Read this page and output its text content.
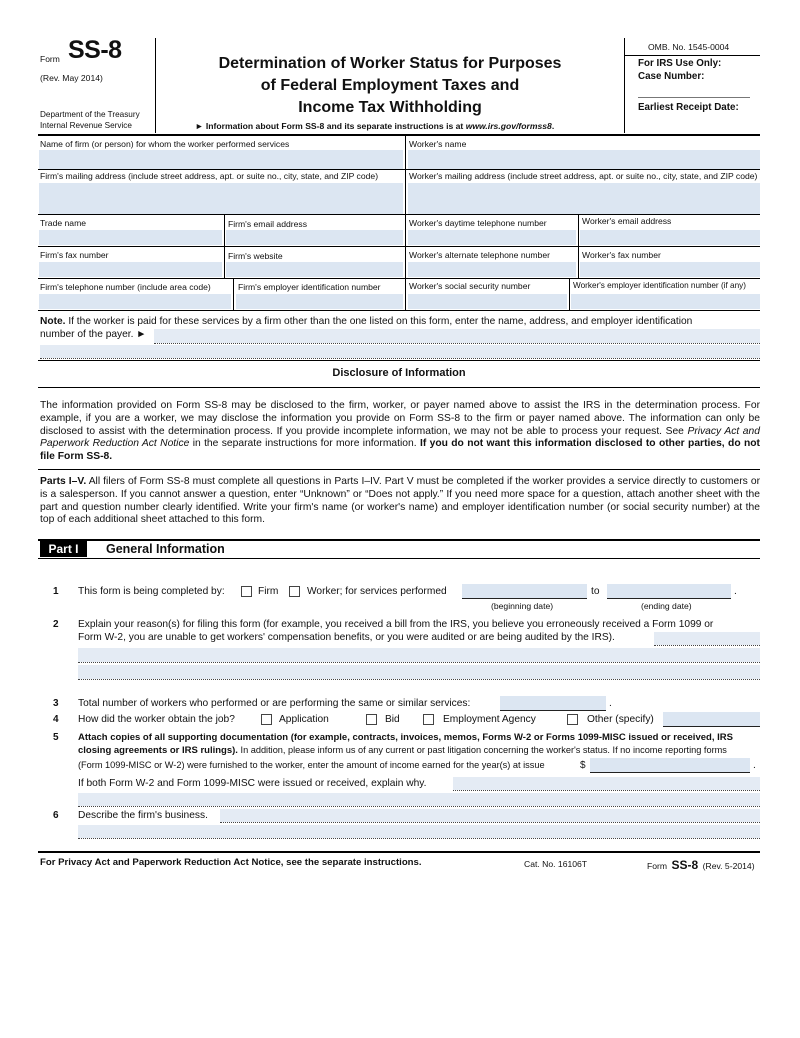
Form SS-8
(Rev. May 2014)
Department of the Treasury
Internal Revenue Service
Determination of Worker Status for Purposes
of Federal Employment Taxes and
Income Tax Withholding
► Information about Form SS-8 and its separate instructions is at www.irs.gov/formss8.
OMB. No. 1545-0004
For IRS Use Only:
Case Number:
Earliest Receipt Date:
Name of firm (or person) for whom the worker performed services	Worker's name
Firm's mailing address (include street address, apt. or suite no., city, state, and ZIP code)	Worker's mailing address (include street address, apt. or suite no., city, state, and ZIP code)
Trade name	Firm's email address	Worker's daytime telephone number	Worker's email address
Firm's fax number	Firm's website	Worker's alternate telephone number	Worker's fax number
Firm's telephone number (include area code)	Firm's employer identification number	Worker's social security number	Worker's employer identification number (if any)
Note. If the worker is paid for these services by a firm other than the one listed on this form, enter the name, address, and employer identification
number of the payer. ►
Disclosure of Information
The information provided on Form SS-8 may be disclosed to the firm, worker, or payer named above to assist the IRS in the determination process. For example, if you are a worker, we may disclose the information you provide on Form SS-8 to the firm or payer named above. The information can only be disclosed to assist with the determination process. If you provide incomplete information, we may not be able to process your request. See Privacy Act and Paperwork Reduction Act Notice in the separate instructions for more information. If you do not want this information disclosed to other parties, do not file Form SS-8.
Parts I–V. All filers of Form SS-8 must complete all questions in Parts I–IV. Part V must be completed if the worker provides a service directly to customers or is a salesperson. If you cannot answer a question, enter “Unknown” or “Does not apply.” If you need more space for a question, attach another sheet with the part and question number clearly identified. Write your firm's name (or worker's name) and employer identification number (or social security number) at the top of each additional sheet attached to this form.
Part I	General Information
1 This form is being completed by:	Firm	Worker; for services performed	to	.
(beginning date)	(ending date)
2 Explain your reason(s) for filing this form (for example, you received a bill from the IRS, you believe you erroneously received a Form 1099 or
Form W-2, you are unable to get workers' compensation benefits, or you were audited or are being audited by the IRS).
3 Total number of workers who performed or are performing the same or similar services:	.
4 How did the worker obtain the job?	Application	Bid	Employment Agency	Other (specify)
5 Attach copies of all supporting documentation (for example, contracts, invoices, memos, Forms W-2 or Forms 1099-MISC issued or received, IRS
closing agreements or IRS rulings). In addition, please inform us of any current or past litigation concerning the worker's status. If no income reporting forms
(Form 1099-MISC or W-2) were furnished to the worker, enter the amount of income earned for the year(s) at issue	$	.
If both Form W-2 and Form 1099-MISC were issued or received, explain why.
6 Describe the firm's business.
For Privacy Act and Paperwork Reduction Act Notice, see the separate instructions.	Cat. No. 16106T	Form SS-8 (Rev. 5-2014)
